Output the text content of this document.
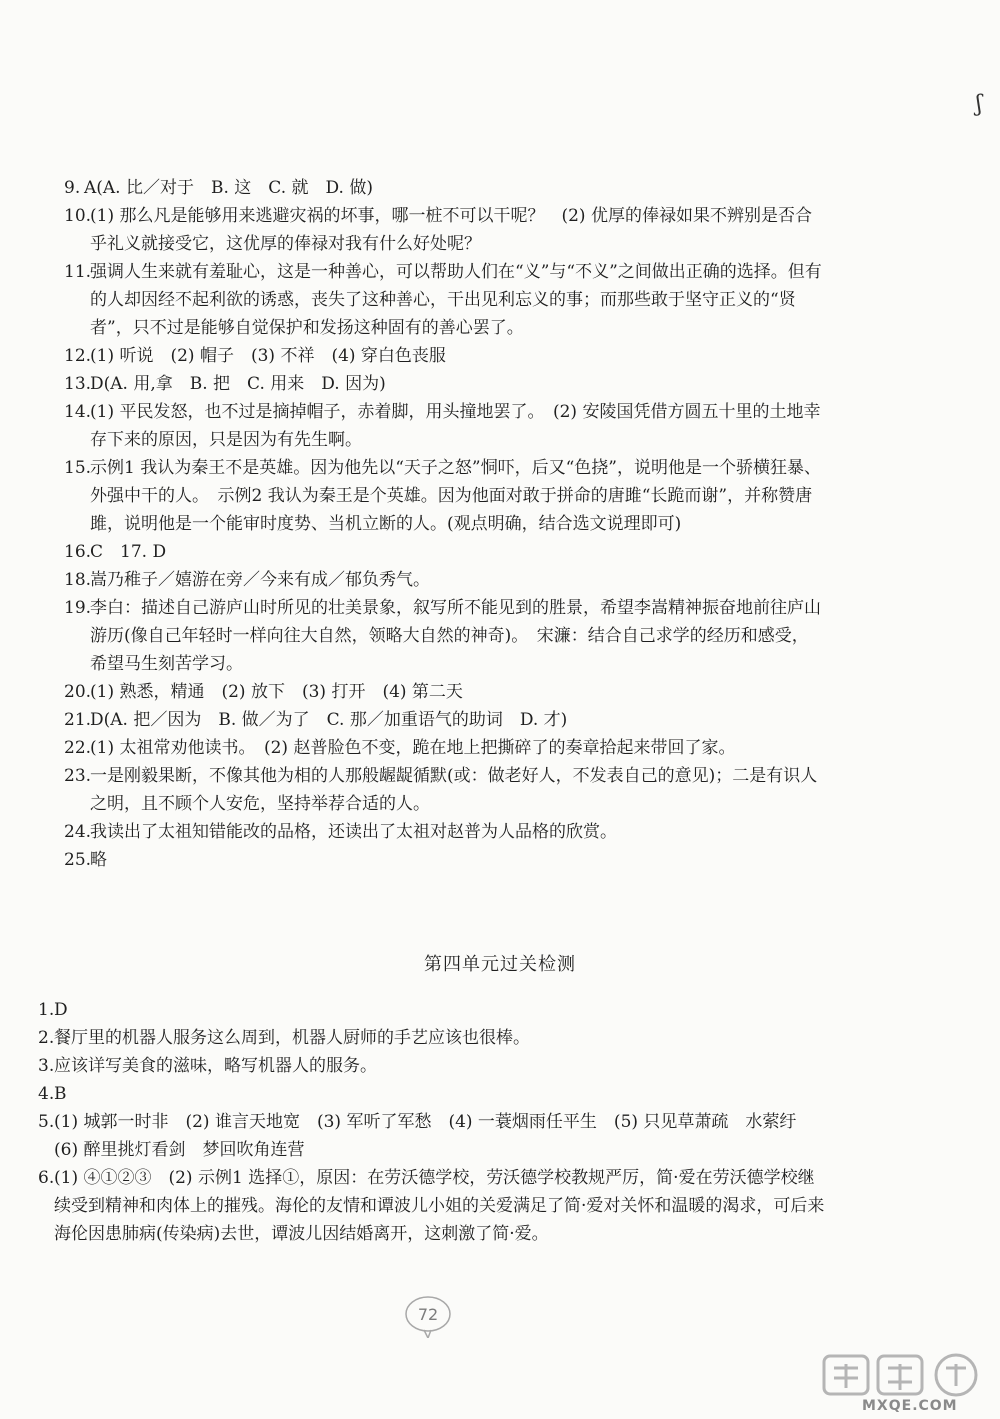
ʃ
9. A(A. 比／对于　B. 这　C. 就　D. 做)
10.
(1) 那么凡是能够用来逃避灾祸的坏事，哪一桩不可以干呢？　(2) 优厚的俸禄如果不辨别是否合乎礼义就接受它，这优厚的俸禄对我有什么好处呢？
11.
强调人生来就有羞耻心，这是一种善心，可以帮助人们在“义”与“不义”之间做出正确的选择。但有的人却因经不起利欲的诱惑，丧失了这种善心，干出见利忘义的事；而那些敢于坚守正义的“贤者”，只不过是能够自觉保护和发扬这种固有的善心罢了。
12.
(1) 听说　(2) 帽子　(3) 不祥　(4) 穿白色丧服
13.
D(A. 用,拿　B. 把　C. 用来　D. 因为)
14.
(1) 平民发怒，也不过是摘掉帽子，赤着脚，用头撞地罢了。　(2) 安陵国凭借方圆五十里的土地幸存下来的原因，只是因为有先生啊。
15.
示例1 我认为秦王不是英雄。因为他先以“天子之怒”恫吓，后又“色挠”，说明他是一个骄横狂暴、外强中干的人。　示例2 我认为秦王是个英雄。因为他面对敢于拼命的唐雎“长跪而谢”，并称赞唐雎，说明他是一个能审时度势、当机立断的人。(观点明确，结合选文说理即可)
16.
C　17. D
18.
嵩乃稚子／嬉游在旁／今来有成／郁负秀气。
19.
李白：描述自己游庐山时所见的壮美景象，叙写所不能见到的胜景，希望李嵩精神振奋地前往庐山游历(像自己年轻时一样向往大自然，领略大自然的神奇)。　宋濂：结合自己求学的经历和感受，希望马生刻苦学习。
20.
(1) 熟悉，精通　(2) 放下　(3) 打开　(4) 第二天
21.
D(A. 把／因为　B. 做／为了　C. 那／加重语气的助词　D. 才)
22.
(1) 太祖常劝他读书。　(2) 赵普脸色不变，跪在地上把撕碎了的奏章拾起来带回了家。
23.
一是刚毅果断，不像其他为相的人那般龌龊循默(或：做老好人，不发表自己的意见)；二是有识人之明，且不顾个人安危，坚持举荐合适的人。
24.
我读出了太祖知错能改的品格，还读出了太祖对赵普为人品格的欣赏。
25.
略
第四单元过关检测
1. D
2. 餐厅里的机器人服务这么周到，机器人厨师的手艺应该也很棒。
3. 应该详写美食的滋味，略写机器人的服务。
4. B
5. (1) 城郭一时非　(2) 谁言天地宽　(3) 军听了军愁　(4) 一蓑烟雨任平生　(5) 只见草萧疏　水萦纡　(6) 醉里挑灯看剑　梦回吹角连营
6. (1) ④①②③　(2) 示例1 选择①，原因：在劳沃德学校，劳沃德学校教规严厉，简·爱在劳沃德学校继续受到精神和肉体上的摧残。海伦的友情和谭波儿小姐的关爱满足了简·爱对关怀和温暖的渴求，可后来海伦因患肺病(传染病)去世，谭波儿因结婚离开，这刺激了简·爱。
72
MXQE.COM
